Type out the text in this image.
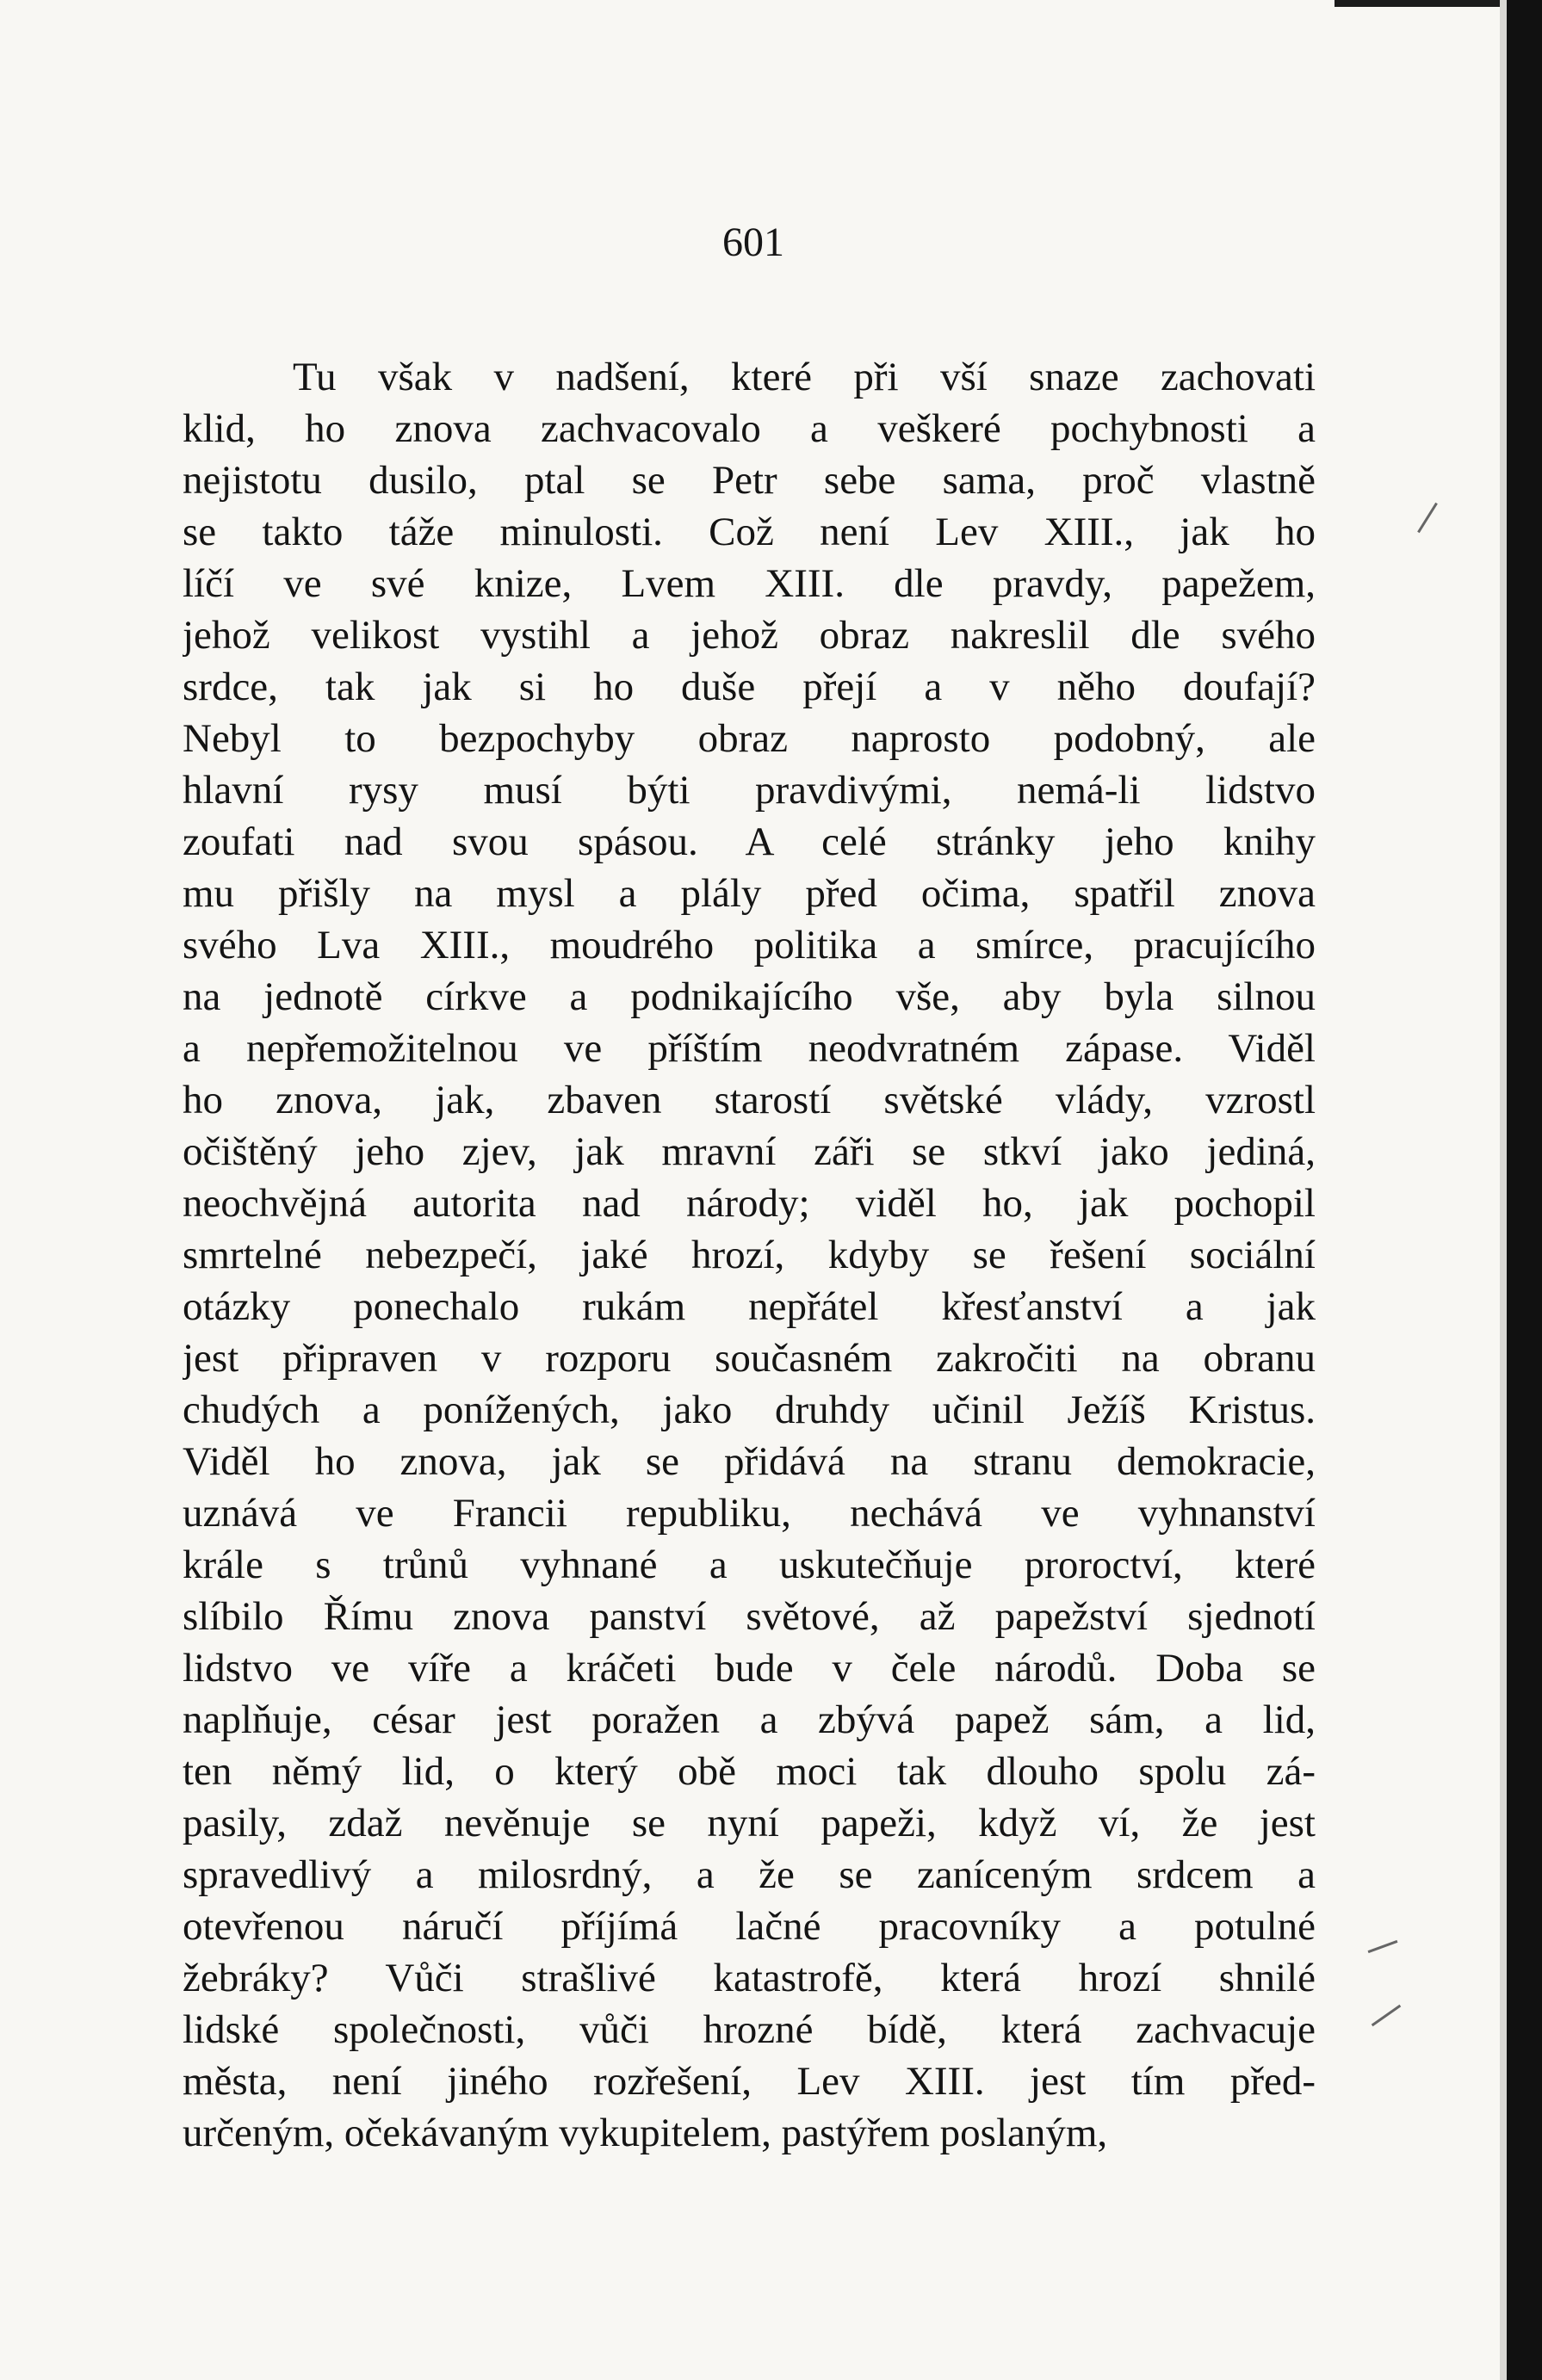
601
Tu však v nadšení, které při vší snaze zachovati
klid, ho znova zachvacovalo a veškeré pochybnosti a
nejistotu dusilo, ptal se Petr sebe sama, proč vlastně
se takto táže minulosti. Což není Lev XIII., jak ho
líčí ve své knize, Lvem XIII. dle pravdy, papežem,
jehož velikost vystihl a jehož obraz nakreslil dle svého
srdce, tak jak si ho duše přejí a v něho doufají?
Nebyl to bezpochyby obraz naprosto podobný, ale
hlavní rysy musí býti pravdivými, nemá-li lidstvo
zoufati nad svou spásou. A celé stránky jeho knihy
mu přišly na mysl a plály před očima, spatřil znova
svého Lva XIII., moudrého politika a smírce, pracujícího
na jednotě církve a podnikajícího vše, aby byla silnou
a nepřemožitelnou ve příštím neodvratném zápase. Viděl
ho znova, jak, zbaven starostí světské vlády, vzrostl
očištěný jeho zjev, jak mravní záři se stkví jako jediná,
neochvějná autorita nad národy; viděl ho, jak pochopil
smrtelné nebezpečí, jaké hrozí, kdyby se řešení sociální
otázky ponechalo rukám nepřátel křesťanství a jak
jest připraven v rozporu současném zakročiti na obranu
chudých a ponížených, jako druhdy učinil Ježíš Kristus.
Viděl ho znova, jak se přidává na stranu demokracie,
uznává ve Francii republiku, nechává ve vyhnanství
krále s trůnů vyhnané a uskutečňuje proroctví, které
slíbilo Římu znova panství světové, až papežství sjednotí
lidstvo ve víře a kráčeti bude v čele národů. Doba se
naplňuje, césar jest poražen a zbývá papež sám, a lid,
ten němý lid, o který obě moci tak dlouho spolu zá-
pasily, zdaž nevěnuje se nyní papeži, když ví, že jest
spravedlivý a milosrdný, a že se zaníceným srdcem a
otevřenou náručí příjímá lačné pracovníky a potulné
žebráky? Vůči strašlivé katastrofě, která hrozí shnilé
lidské společnosti, vůči hrozné bídě, která zachvacuje
města, není jiného rozřešení, Lev XIII. jest tím před-
určeným, očekávaným vykupitelem, pastýřem poslaným,
